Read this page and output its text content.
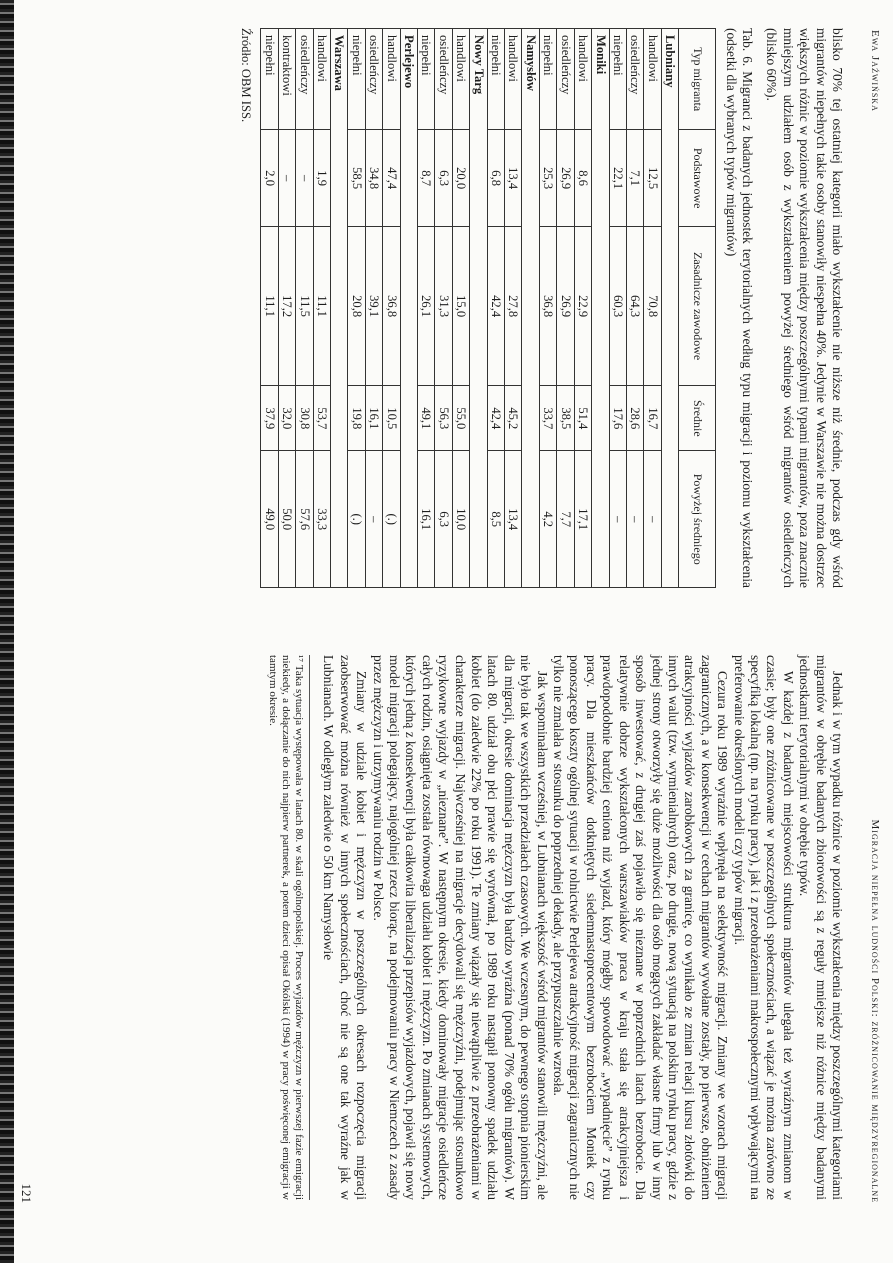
Ewa Jaźwińska
Migracja niepełna ludności Polski: zróżnicowanie międzyregionalne

blisko 70% tej ostatniej kategorii miało wykształcenie nie niższe niż średnie, podczas gdy wśród migrantów niepełnych takie osoby stanowiły niespełna 40%. Jedynie w Warszawie nie można dostrzec większych różnic w poziomie wykształcenia między poszczególnymi typami migrantów, poza znacznie mniejszym udziałem osób z wykształceniem powyżej średniego wśród migrantów osiedleńczych (blisko 60%).

Tab. 6. Migranci z badanych jednostek terytorialnych według typu migracji i poziomu wykształcenia (odsetki dla wybranych typów migrantów)

Typ migranta	Podstawowe	Zasadnicze zawodowe	Średnie	Powyżej średniego
Lubniany				
handlowi	12,5	70,8	16,7	–
osiedleńczy	7,1	64,3	28,6	–
niepełni	22,1	60,3	17,6	–
Moniki				
handlowi	8,6	22,9	51,4	17,1
osiedleńczy	26,9	26,9	38,5	7,7
niepełni	25,3	36,8	33,7	4,2
Namysłów				
handlowi	13,4	27,8	45,2	13,4
niepełni	6,8	42,4	42,4	8,5
Nowy Targ				
handlowi	20,0	15,0	55,0	10,0
osiedleńczy	6,3	31,3	56,3	6,3
niepełni	8,7	26,1	49,1	16,1
Perlejewo				
handlowi	47,4	36,8	10,5	(.)
osiedleńczy	34,8	39,1	16,1	–
niepełni	58,5	20,8	19,8	(.)
Warszawa				
handlowi	1,9	11,1	53,7	33,3
osiedleńczy	–	11,5	30,8	57,6
kontraktowi	–	17,2	32,0	50,0
niepełni	2,0	11,1	37,9	49,0

Źródło: OBM ISS.

Jednak i w tym wypadku różnice w poziomie wykształcenia między poszczególnymi kategoriami migrantów w obrębie badanych zbiorowości są z reguły mniejsze niż różnice między badanymi jednostkami terytorialnymi w obrębie typów.

W każdej z badanych miejscowości struktura migrantów ulegała też wyraźnym zmianom w czasie; były one zróżnicowane w poszczególnych społecznościach, a wiązać je można zarówno ze specyfiką lokalną (np. na rynku pracy), jak i z przeobrażeniami makrospołecznymi wpływającymi na preferowanie określonych modeli czy typów migracji.

Cezura roku 1989 wyraźnie wpłynęła na selektywność migracji. Zmiany we wzorach migracji zagranicznych, a w konsekwencji w cechach migrantów wywołane zostały, po pierwsze, obniżeniem atrakcyjności wyjazdów zarobkowych za granicę, co wynikało ze zmian relacji kursu złotówki do innych walut (tzw. wymienialnych) oraz, po drugie, nową sytuacją na polskim rynku pracy, gdzie z jednej strony otworzyły się duże możliwości dla osób mogących zakładać własne firmy lub w inny sposób inwestować, z drugiej zaś pojawiło się nieznane w poprzednich latach bezrobocie. Dla relatywnie dobrze wykształconych warszawiaków praca w kraju stała się atrakcyjniejsza i prawdopodobnie bardziej ceniona niż wyjazd, który mógłby spowodować „wypadnięcie” z rynku pracy. Dla mieszkańców dotkniętych siedemnastoprocentowym bezrobociem Moniek czy ponoszącego koszty ogólnej sytuacji w rolnictwie Perlejewa atrakcyjność migracji zagranicznych nie tylko nie zmalała w stosunku do poprzedniej dekady, ale przypuszczalnie wzrosła.

Jak wspominałam wcześniej, w Lubnianach większość wśród migrantów stanowili mężczyźni, ale nie było tak we wszystkich przedziałach czasowych. We wczesnym, do pewnego stopnia pionierskim dla migracji, okresie dominacja mężczyzn była bardzo wyraźna (ponad 70% ogółu migrantów). W latach 80. udział obu płci prawie się wyrównał, po 1989 roku nastąpił ponowny spadek udziału kobiet (do zaledwie 22% po roku 1991). Te zmiany wiązały się niewątpliwie z przeobrażeniami w charakterze migracji. Najwcześniej na migracje decydowali się mężczyźni, podejmując stosunkowo ryzykowne wyjazdy w „nieznane”. W następnym okresie, kiedy dominowały migracje osiedleńcze całych rodzin, osiągnięta została równowaga udziału kobiet i mężczyzn. Po zmianach systemowych, których jedną z konsekwencji była całkowita liberalizacja przepisów wyjazdowych, pojawił się nowy model migracji polegający, najogólniej rzecz biorąc, na podejmowaniu pracy w Niemczech z zasady przez mężczyzn i utrzymywaniu rodzin w Polsce.

Zmiany w udziale kobiet i mężczyzn w poszczególnych okresach rozpoczęcia migracji zaobserwować można również w innych społecznościach, choć nie są one tak wyraźne jak w Lubnianach. W odległym zaledwie o 50 km Namysłowie

¹⁷ Taka sytuacja występowała w latach 80. w skali ogólnopolskiej. Proces wyjazdów mężczyzn w pierwszej fazie emigracji niekiedy, a dołączanie do nich najpierw partnerek, a potem dzieci opisał Okólski (1994) w pracy poświęconej emigracji w tamtym okresie.

121
